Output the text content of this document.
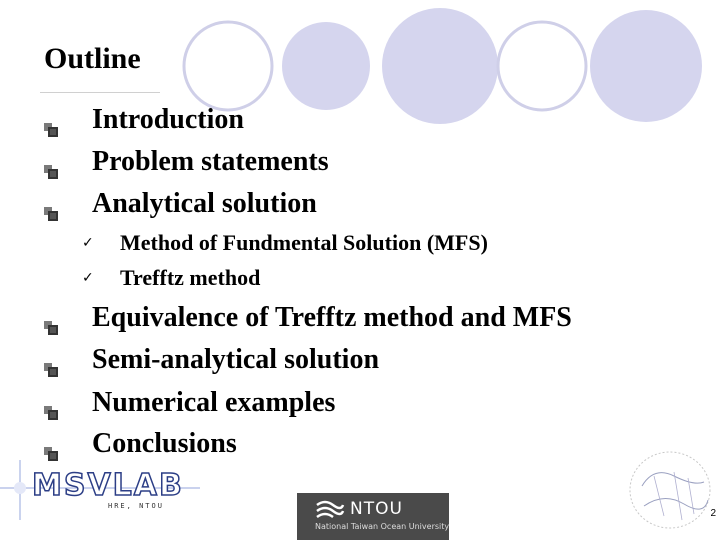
Outline
Introduction
Problem statements
Analytical solution
✓ Method of Fundmental Solution (MFS)
✓ Trefftz method
Equivalence of Trefftz method and MFS
Semi-analytical solution
Numerical examples
Conclusions
MSVLAB
HRE, NTOU	NTOU
National Taiwan Ocean University
2
